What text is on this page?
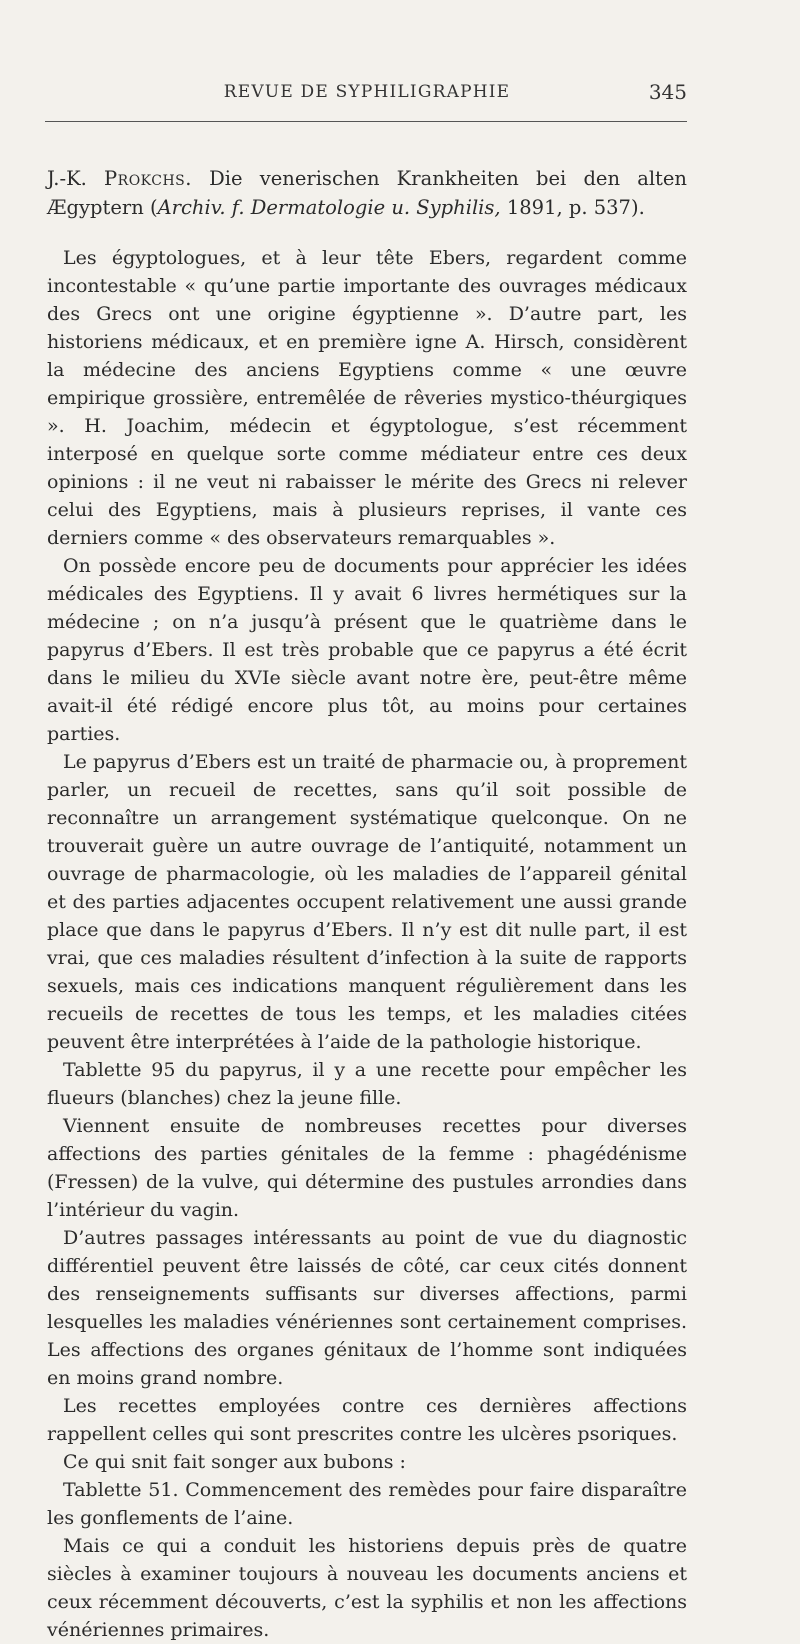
REVUE DE SYPHILIGRAPHIE	345

J.-K. Prokchs. Die venerischen Krankheiten bei den alten Ægyptern (Archiv. f. Dermatologie u. Syphilis, 1891, p. 537).

Les égyptologues, et à leur tête Ebers, regardent comme incontestable « qu’une partie importante des ouvrages médicaux des Grecs ont une origine égyptienne ». D’autre part, les historiens médicaux, et en première igne A. Hirsch, considèrent la médecine des anciens Egyptiens comme « une œuvre empirique grossière, entremêlée de rêveries mystico-théurgiques ». H. Joachim, médecin et égyptologue, s’est récemment interposé en quelque sorte comme médiateur entre ces deux opinions : il ne veut ni rabaisser le mérite des Grecs ni relever celui des Egyptiens, mais à plusieurs reprises, il vante ces derniers comme « des observateurs remarquables ».

On possède encore peu de documents pour apprécier les idées médicales des Egyptiens. Il y avait 6 livres hermétiques sur la médecine ; on n’a jusqu’à présent que le quatrième dans le papyrus d’Ebers. Il est très probable que ce papyrus a été écrit dans le milieu du XVIe siècle avant notre ère, peut-être même avait-il été rédigé encore plus tôt, au moins pour certaines parties.

Le papyrus d’Ebers est un traité de pharmacie ou, à proprement parler, un recueil de recettes, sans qu’il soit possible de reconnaître un arrangement systématique quelconque. On ne trouverait guère un autre ouvrage de l’antiquité, notamment un ouvrage de pharmacologie, où les maladies de l’appareil génital et des parties adjacentes occupent relativement une aussi grande place que dans le papyrus d’Ebers. Il n’y est dit nulle part, il est vrai, que ces maladies résultent d’infection à la suite de rapports sexuels, mais ces indications manquent régulièrement dans les recueils de recettes de tous les temps, et les maladies citées peuvent être interprétées à l’aide de la pathologie historique.

Tablette 95 du papyrus, il y a une recette pour empêcher les flueurs (blanches) chez la jeune fille.

Viennent ensuite de nombreuses recettes pour diverses affections des parties génitales de la femme : phagédénisme (Fressen) de la vulve, qui détermine des pustules arrondies dans l’intérieur du vagin.

D’autres passages intéressants au point de vue du diagnostic différentiel peuvent être laissés de côté, car ceux cités donnent des renseignements suffisants sur diverses affections, parmi lesquelles les maladies vénériennes sont certainement comprises. Les affections des organes génitaux de l’homme sont indiquées en moins grand nombre.

Les recettes employées contre ces dernières affections rappellent celles qui sont prescrites contre les ulcères psoriques.

Ce qui snit fait songer aux bubons :

Tablette 51. Commencement des remèdes pour faire disparaître les gonflements de l’aine.

Mais ce qui a conduit les historiens depuis près de quatre siècles à examiner toujours à nouveau les documents anciens et ceux récemment découverts, c’est la syphilis et non les affections vénériennes primaires.
